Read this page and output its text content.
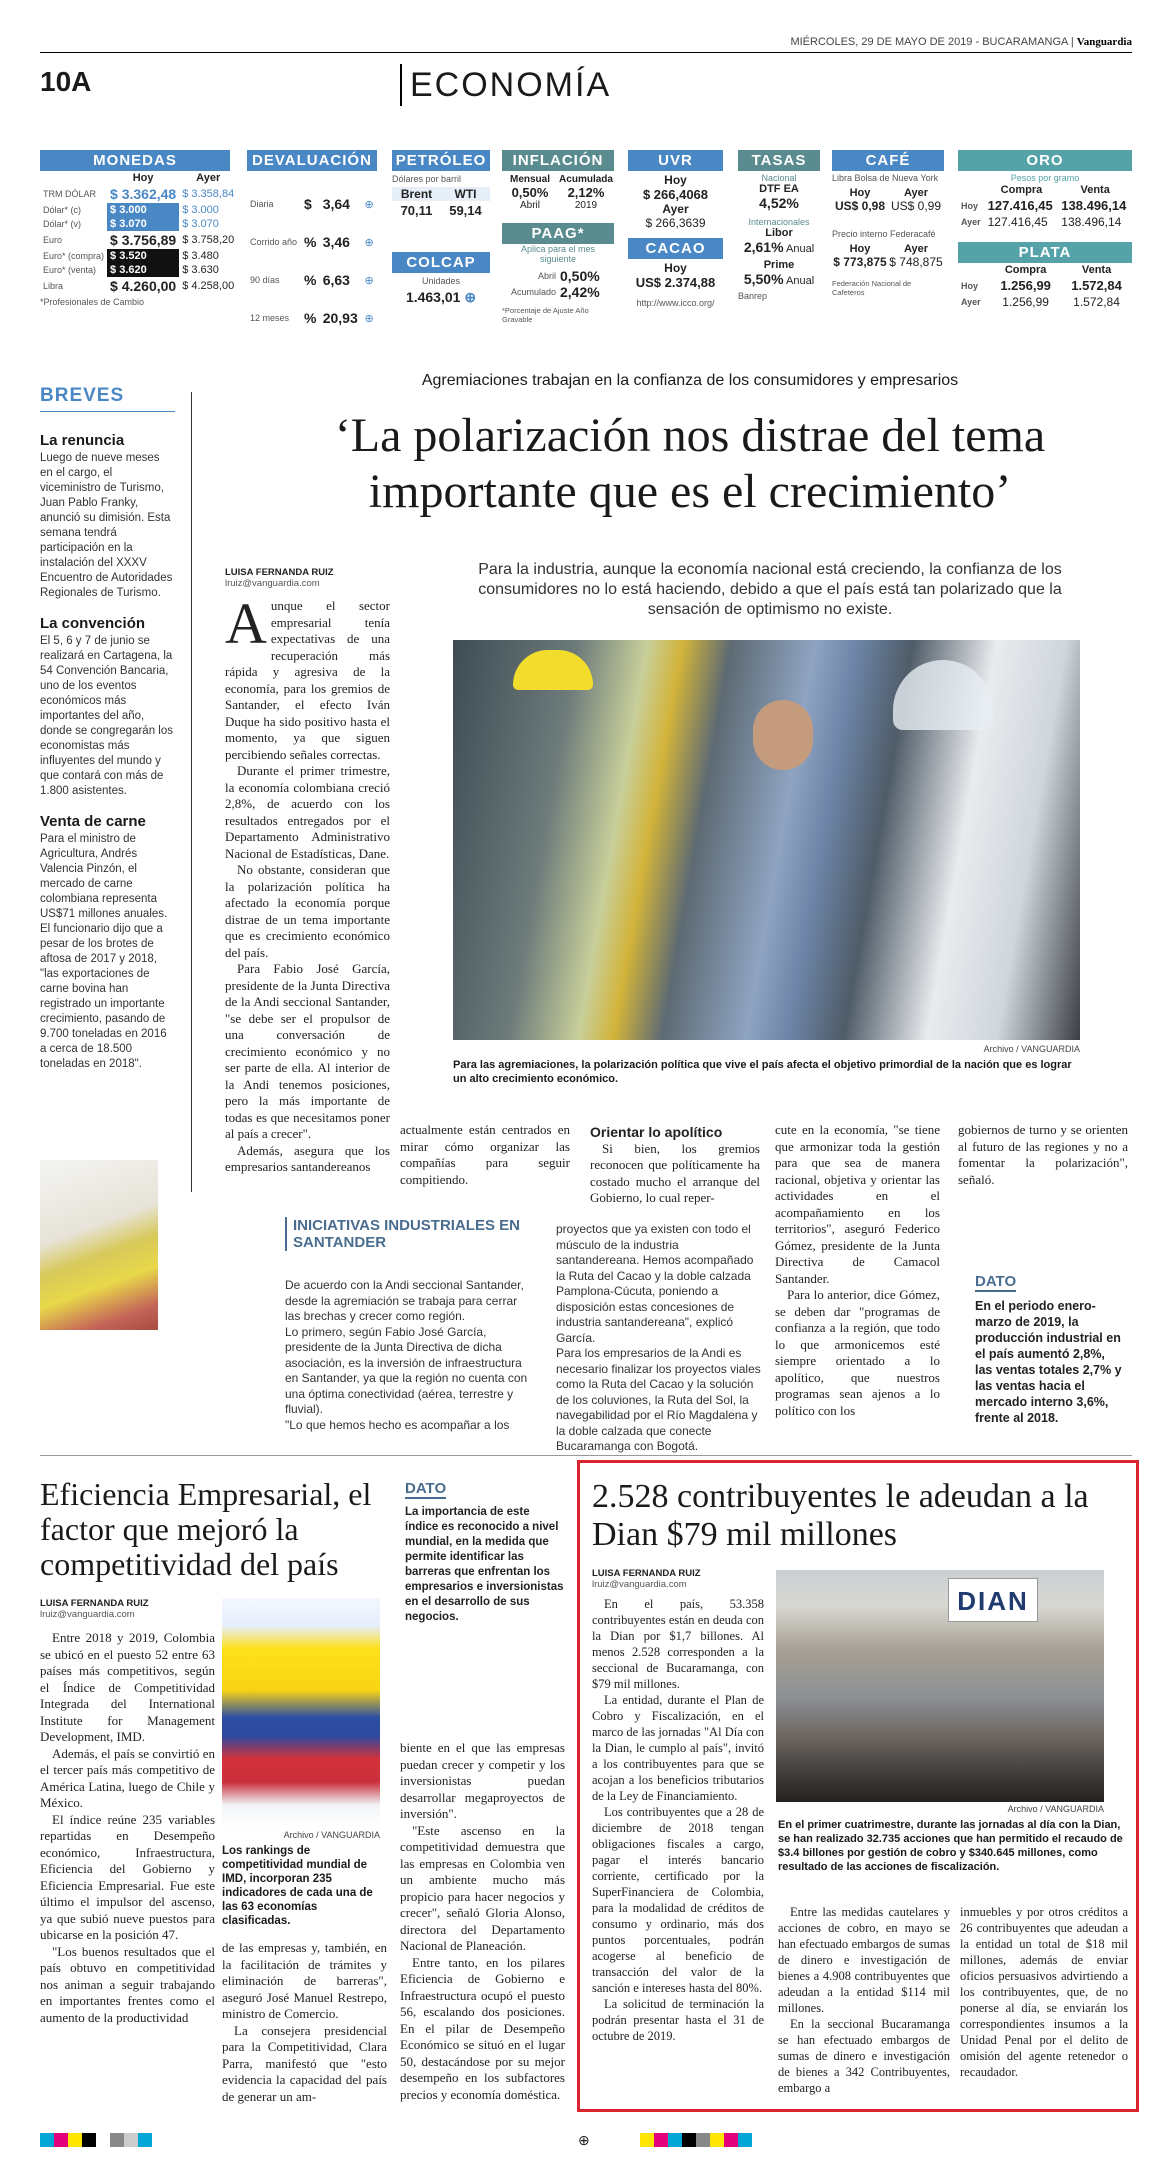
MIÉRCOLES, 29 DE MAYO DE 2019 - BUCARAMANGA | Vanguardia
10A	ECONOMÍA
MONEDAS
	Hoy	Ayer
TRM DÓLAR	$ 3.362,48	$ 3.358,84
Dólar* (c)	$ 3.000	$ 3.000
Dólar* (v)	$ 3.070	$ 3.070
Euro	$ 3.756,89	$ 3.758,20
Euro* (compra)	$ 3.520	$ 3.480
Euro* (venta)	$ 3.620	$ 3.630
Libra	$ 4.260,00	$ 4.258,00
*Profesionales de Cambio
DEVALUACIÓN
Diaria	$	3,64	⊕
Corrido año	%	3,46	⊕
90 días	%	6,63	⊕
12 meses	%	20,93	⊕
PETRÓLEO
Dólares por barril
Brent	WTI
70,11	59,14
COLCAP
Unidades
1.463,01 ⊕
INFLACIÓN
Mensual Acumulada
0,50%	2,12%
Abril	2019
PAAG*
Aplica para el mes siguiente
Abril 0,50%
Acumulado 2,42%
*Porcentaje de Ajuste Año Gravable
UVR
Hoy
$ 266,4068
Ayer
$ 266,3639
CACAO
Hoy
US$ 2.374,88
http://www.icco.org/
TASAS
Nacional
DTF EA
4,52%
Internacionales
Libor
2,61% Anual
Prime
5,50% Anual
Banrep
CAFÉ
Libra Bolsa de Nueva York
Hoy	Ayer
US$ 0,98 US$ 0,99
Precio interno Federacafé
Hoy	Ayer
$ 773,875 $ 748,875
Federación Nacional de Cafeteros
ORO
Pesos por gramo
	Compra	Venta
Hoy	127.416,45	138.496,14
Ayer	127.416,45	138.496,14
PLATA
	Compra	Venta
Hoy	1.256,99	1.572,84
Ayer	1.256,99	1.572,84
BREVES
La renuncia

Luego de nueve meses en el cargo, el viceministro de Turismo, Juan Pablo Franky, anunció su dimisión. Esta semana tendrá participación en la instalación del XXXV Encuentro de Autoridades Regionales de Turismo.

La convención

El 5, 6 y 7 de junio se realizará en Cartagena, la 54 Convención Bancaria, uno de los eventos económicos más importantes del año, donde se congregarán los economistas más influyentes del mundo y que contará con más de 1.800 asistentes.

Venta de carne

Para el ministro de Agricultura, Andrés Valencia Pinzón, el mercado de carne colombiana representa US$71 millones anuales. El funcionario dijo que a pesar de los brotes de aftosa de 2017 y 2018, "las exportaciones de carne bovina han registrado un importante crecimiento, pasando de 9.700 toneladas en 2016 a cerca de 18.500 toneladas en 2018".

Agremiaciones trabajan en la confianza de los consumidores y empresarios
‘La polarización nos distrae del tema importante que es el crecimiento’
LUISA FERNANDA RUIZ
lruiz@vanguardia.com
Para la industria, aunque la economía nacional está creciendo, la confianza de los consumidores no lo está haciendo, debido a que el país está tan polarizado que la sensación de optimismo no existe.
A unque el sector empresarial tenía expectativas de una recuperación más rápida y agresiva de la economía, para los gremios de Santander, el efecto Iván Duque ha sido positivo hasta el momento, ya que siguen percibiendo señales correctas.

Durante el primer trimestre, la economía colombiana creció 2,8%, de acuerdo con los resultados entregados por el Departamento Administrativo Nacional de Estadísticas, Dane.

No obstante, consideran que la polarización política ha afectado la economía porque distrae de un tema importante que es crecimiento económico del país.

Para Fabio José García, presidente de la Junta Directiva de la Andi seccional Santander, "se debe ser el propulsor de una conversación de crecimiento económico y no ser parte de ella. Al interior de la Andi tenemos posiciones, pero la más importante de todas es que necesitamos poner al país a crecer".

Además, asegura que los empresarios santandereanos

Archivo / VANGUARDIA
Para las agremiaciones, la polarización política que vive el país afecta el objetivo primordial de la nación que es lograr un alto crecimiento económico.

actualmente están centrados en mirar cómo organizar las compañías para seguir compitiendo.

Orientar lo apolítico

Si bien, los gremios reconocen que políticamente ha costado mucho el arranque del Gobierno, lo cual reper-

cute en la economía, "se tiene que armonizar toda la gestión para que sea de manera racional, objetiva y orientar las actividades en el acompañamiento en los territorios", aseguró Federico Gómez, presidente de la Junta Directiva de Camacol Santander.

Para lo anterior, dice Gómez, se deben dar "programas de confianza a la región, que todo lo que armonicemos esté siempre orientado a lo apolítico, que nuestros programas sean ajenos a lo político con los

gobiernos de turno y se orienten al futuro de las regiones y no a fomentar la polarización", señaló.

INICIATIVAS INDUSTRIALES EN SANTANDER
De acuerdo con la Andi seccional Santander, desde la agremiación se trabaja para cerrar las brechas y crecer como región.
Lo primero, según Fabio José García, presidente de la Junta Directiva de dicha asociación, es la inversión de infraestructura en Santander, ya que la región no cuenta con una óptima conectividad (aérea, terrestre y fluvial).
"Lo que hemos hecho es acompañar a los
proyectos que ya existen con todo el músculo de la industria santandereana. Hemos acompañado la Ruta del Cacao y la doble calzada Pamplona-Cúcuta, poniendo a disposición estas concesiones de industria santandereana", explicó García.
Para los empresarios de la Andi es necesario finalizar los proyectos viales como la Ruta del Cacao y la solución de los coluviones, la Ruta del Sol, la navegabilidad por el Río Magdalena y la doble calzada que conecte Bucaramanga con Bogotá.
DATO

En el periodo enero-marzo de 2019, la producción industrial en el país aumentó 2,8%, las ventas totales 2,7% y las ventas hacia el mercado interno 3,6%, frente al 2018.

Eficiencia Empresarial, el factor que mejoró la competitividad del país
LUISA FERNANDA RUIZ
lruiz@vanguardia.com

Entre 2018 y 2019, Colombia se ubicó en el puesto 52 entre 63 países más competitivos, según el Índice de Competitividad Integrada del International Institute for Management Development, IMD.

Además, el país se convirtió en el tercer país más competitivo de América Latina, luego de Chile y México.

El índice reúne 235 variables repartidas en Desempeño económico, Infraestructura, Eficiencia del Gobierno y Eficiencia Empresarial. Fue este último el impulsor del ascenso, ya que subió nueve puestos para ubicarse en la posición 47.

"Los buenos resultados que el país obtuvo en competitividad nos animan a seguir trabajando en importantes frentes como el aumento de la productividad

Archivo / VANGUARDIA
Los rankings de competitividad mundial de IMD, incorporan 235 indicadores de cada una de las 63 economías clasificadas.

de las empresas y, también, en la facilitación de trámites y eliminación de barreras", aseguró José Manuel Restrepo, ministro de Comercio.

La consejera presidencial para la Competitividad, Clara Parra, manifestó que "esto evidencia la capacidad del país de generar un am-

DATO

La importancia de este índice es reconocido a nivel mundial, en la medida que permite identificar las barreras que enfrentan los empresarios e inversionistas en el desarrollo de sus negocios.

biente en el que las empresas puedan crecer y competir y los inversionistas puedan desarrollar megaproyectos de inversión".

"Este ascenso en la competitividad demuestra que las empresas en Colombia ven un ambiente mucho más propicio para hacer negocios y crecer", señaló Gloria Alonso, directora del Departamento Nacional de Planeación.

Entre tanto, en los pilares Eficiencia de Gobierno e Infraestructura ocupó el puesto 56, escalando dos posiciones. En el pilar de Desempeño Económico se situó en el lugar 50, destacándose por su mejor desempeño en los subfactores precios y economía doméstica.

2.528 contribuyentes le adeudan a la Dian $79 mil millones
LUISA FERNANDA RUIZ
lruiz@vanguardia.com

En el país, 53.358 contribuyentes están en deuda con la Dian por $1,7 billones. Al menos 2.528 corresponden a la seccional de Bucaramanga, con $79 mil millones.

La entidad, durante el Plan de Cobro y Fiscalización, en el marco de las jornadas "Al Día con la Dian, le cumplo al país", invitó a los contribuyentes para que se acojan a los beneficios tributarios de la Ley de Financiamiento.

Los contribuyentes que a 28 de diciembre de 2018 tengan obligaciones fiscales a cargo, pagar el interés bancario corriente, certificado por la SuperFinanciera de Colombia, para la modalidad de créditos de consumo y ordinario, más dos puntos porcentuales, podrán acogerse al beneficio de transacción del valor de la sanción e intereses hasta del 80%.

La solicitud de terminación la podrán presentar hasta el 31 de octubre de 2019.

DIAN
Archivo / VANGUARDIA
En el primer cuatrimestre, durante las jornadas al día con la Dian, se han realizado 32.735 acciones que han permitido el recaudo de $3.4 billones por gestión de cobro y $340.645 millones, como resultado de las acciones de fiscalización.

Entre las medidas cautelares y acciones de cobro, en mayo se han efectuado embargos de sumas de dinero e investigación de bienes a 4.908 contribuyentes que adeudan a la entidad $114 mil millones.

En la seccional Bucaramanga se han efectuado embargos de sumas de dinero e investigación de bienes a 342 Contribuyentes, embargo a

inmuebles y por otros créditos a 26 contribuyentes que adeudan a la entidad un total de $18 mil millones, además de enviar oficios persuasivos advirtiendo a los contribuyentes, que, de no ponerse al día, se enviarán los correspondientes insumos a la Unidad Penal por el delito de omisión del agente retenedor o recaudador.

⊕
